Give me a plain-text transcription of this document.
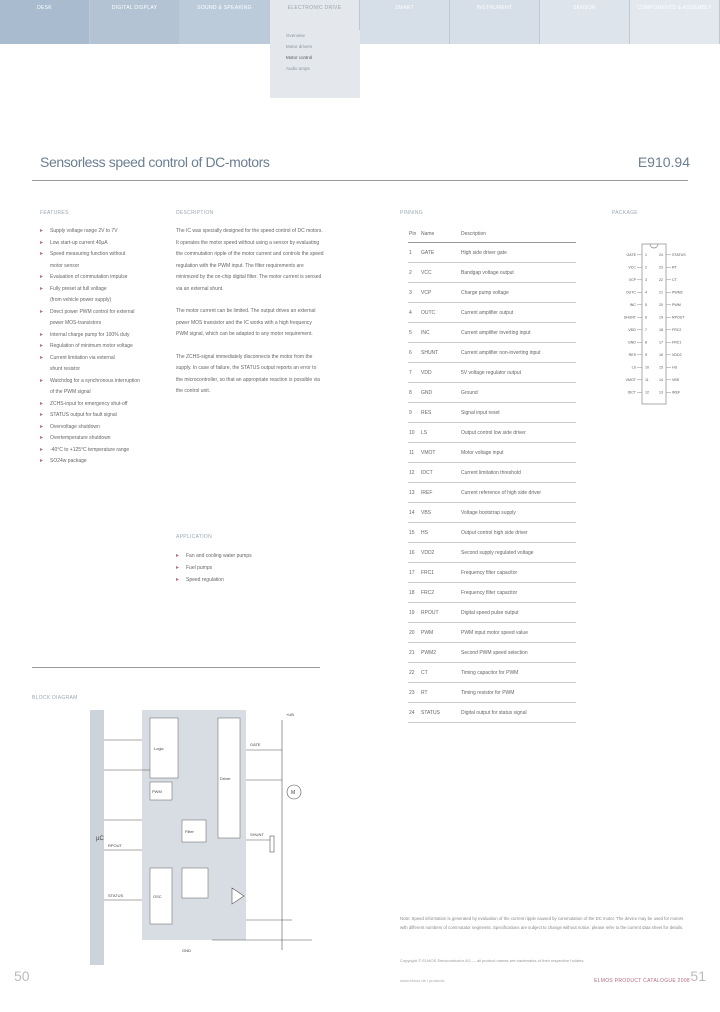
DESK	DIGITAL DISPLAY	SOUND & SPEAKING	ELECTRONIC DRIVE	SMART	INSTRUMENT	SENSOR	COMPONENTS & ASSEMBLY
Overview
Motor drivers
Motor control
Audio amps
Sensorless speed control of DC-motors	E910.94
FEATURES
▸ Supply voltage range 2V to 7V
▸ Low start-up current 40µA
▸ Speed measuring function without
motor sensor
▸ Evaluation of commutation impulse
▸ Fully preset at full voltage
(from vehicle power supply)
▸ Direct power PWM control for external
power MOS-transistors
▸ Internal charge pump for 100% duty
▸ Regulation of minimum motor voltage
▸ Current limitation via external
shunt resistor
▸ Watchdog for a synchronous interruption
of the PWM signal
▸ ZCHS-input for emergency shut-off
▸ STATUS output for fault signal
▸ Overvoltage shutdown
▸ Overtemperature shutdown
▸ -40°C to +125°C temperature range
▸ SO24w package
DESCRIPTION

The IC was specially designed for the speed control of DC motors. It operates the motor speed without using a sensor by evaluating the commutation ripple of the motor current and controls the speed regulation with the PWM input. The filter requirements are minimized by the on-chip digital filter. The motor current is sensed via an external shunt.

The motor current can be limited. The output drives an external power MOS transistor and the IC works with a high frequency PWM signal, which can be adapted to any motor requirement.

The ZCHS-signal immediately disconnects the motor from the supply. In case of failure, the STATUS output reports an error to the microcontroller, so that an appropriate reaction is possible via the control unit.

APPLICATION
▸ Fan and cooling water pumps
▸ Fuel pumps
▸ Speed regulation
PINNING
Pin	Name	Description
1	GATE	High side driver gate
2	VCC	Bandgap voltage output
3	VCP	Charge pump voltage
4	OUTC	Current amplifier output
5	INC	Current amplifier inverting input
6	SHUNT	Current amplifier non-inverting input
7	VDD	5V voltage regulator output
8	GND	Ground
9	RES	Signal input reset
10	LS	Output control low side driver
11	VMOT	Motor voltage input
12	IDCT	Current limitation threshold
13	IREF	Current reference of high side driver
14	VBS	Voltage bootstrap supply
15	HS	Output control high side driver
16	VDD2	Second supply regulated voltage
17	FRC1	Frequency filter capacitor
18	FRC2	Frequency filter capacitor
19	RPOUT	Digital speed pulse output
20	PWM	PWM input motor speed value
21	PWM2	Second PWM speed selection
22	CT	Timing capacitor for PWM
23	RT	Timing resistor for PWM
24	STATUS	Digital output for status signal
PACKAGE
GATE	1
VCC	2
VCP	3
OUTC	4
INC	5
SHUNT	6
VDD	7
GND	8
RES	9
LS	10
VMOT	11
IDCT	12
STATUS
24
RT
23
CT
22
PWM2
21
PWM
20
RPOUT
19
FRC2
18
FRC1
17
VDD2
16
HS
15
VBS
14
IREF
13
BLOCK DIAGRAM
µC
PWM
Logic
Driver
OSC
Filter
+UB
M
GND
STATUS
RPOUT
SHUNT
GATE
Note: Speed information is generated by evaluation of the current ripple caused by commutation of the DC motor. The device may be used for motors with different numbers of commutator segments. Specifications are subject to change without notice; please refer to the current data sheet for details.
Copyright © ELMOS Semiconductor AG — all product names are trademarks of their respective holders
www.elmos.de / products
50	51
ELMOS PRODUCT CATALOGUE 2008
